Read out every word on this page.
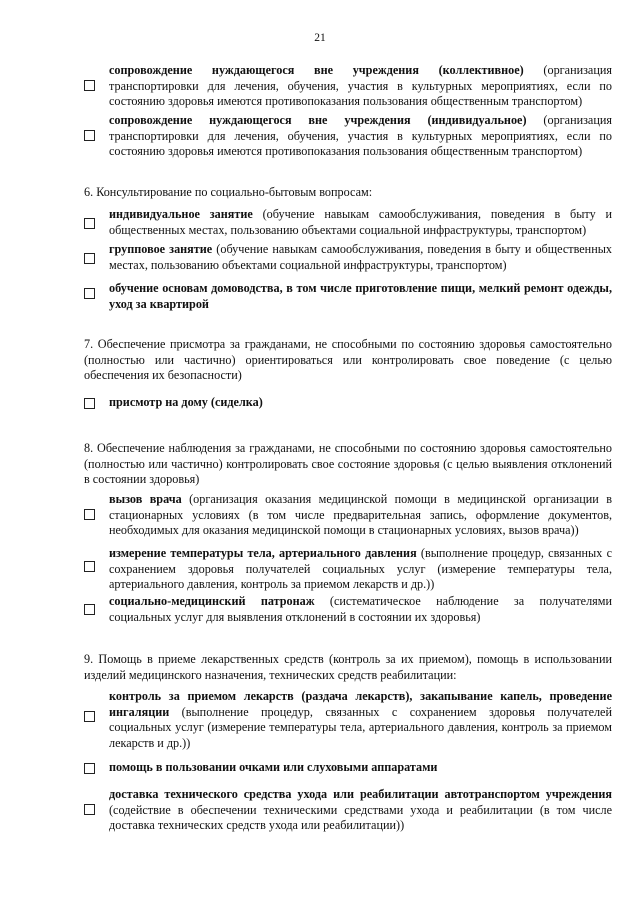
21
сопровождение нуждающегося вне учреждения (коллективное) (организация транспортировки для лечения, обучения, участия в культурных мероприятиях, если по состоянию здоровья имеются противопоказания пользования общественным транспортом)
сопровождение нуждающегося вне учреждения (индивидуальное) (организация транспортировки для лечения, обучения, участия в культурных мероприятиях, если по состоянию здоровья имеются противопоказания пользования общественным транспортом)
6. Консультирование по социально-бытовым вопросам:
индивидуальное занятие (обучение навыкам самообслуживания, поведения в быту и общественных местах, пользованию объектами социальной инфраструктуры, транспортом)
групповое занятие (обучение навыкам самообслуживания, поведения в быту и общественных местах, пользованию объектами социальной инфраструктуры, транспортом)
обучение основам домоводства, в том числе приготовление пищи, мелкий ремонт одежды, уход за квартирой
7. Обеспечение присмотра за гражданами, не способными по состоянию здоровья самостоятельно (полностью или частично) ориентироваться или контролировать свое поведение (с целью обеспечения их безопасности)
присмотр на дому (сиделка)
8. Обеспечение наблюдения за гражданами, не способными по состоянию здоровья самостоятельно (полностью или частично) контролировать свое состояние здоровья (с целью выявления отклонений в состоянии здоровья)
вызов врача (организация оказания медицинской помощи в медицинской организации в стационарных условиях (в том числе предварительная запись, оформление документов, необходимых для оказания медицинской помощи в стационарных условиях, вызов врача))
измерение температуры тела, артериального давления (выполнение процедур, связанных с сохранением здоровья получателей социальных услуг (измерение температуры тела, артериального давления, контроль за приемом лекарств и др.))
социально-медицинский патронаж (систематическое наблюдение за получателями социальных услуг для выявления отклонений в состоянии их здоровья)
9. Помощь в приеме лекарственных средств (контроль за их приемом), помощь в использовании изделий медицинского назначения, технических средств реабилитации:
контроль за приемом лекарств (раздача лекарств), закапывание капель, проведение ингаляции (выполнение процедур, связанных с сохранением здоровья получателей социальных услуг (измерение температуры тела, артериального давления, контроль за приемом лекарств и др.))
помощь в пользовании очками или слуховыми аппаратами
доставка технического средства ухода или реабилитации автотранспортом учреждения (содействие в обеспечении техническими средствами ухода и реабилитации (в том числе доставка технических средств ухода или реабилитации))
